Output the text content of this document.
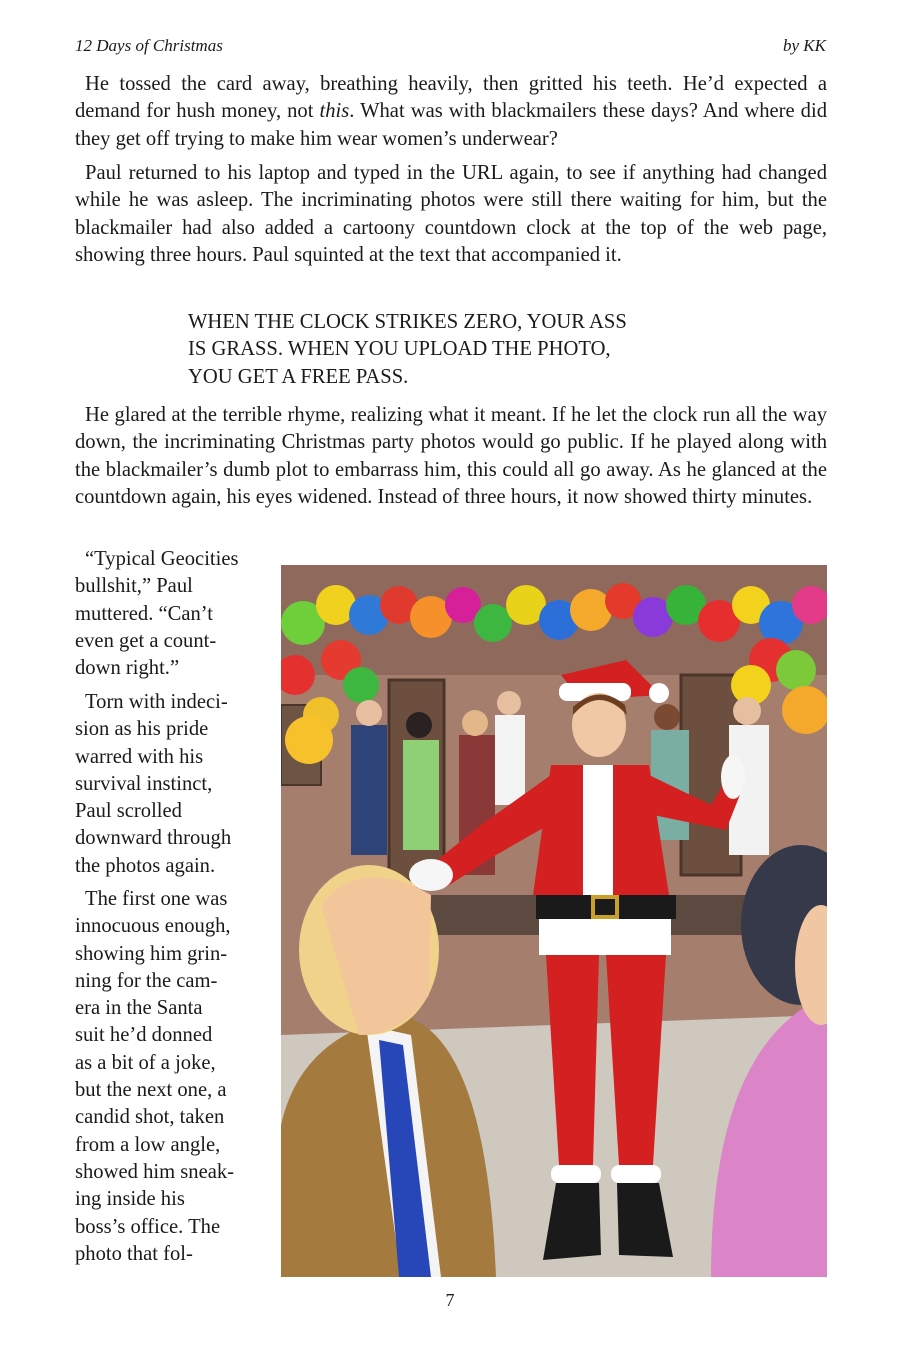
12 Days of Christmas	by KK

He tossed the card away, breathing heavily, then gritted his teeth. He’d expected a demand for hush money, not this. What was with blackmailers these days? And where did they get off trying to make him wear women’s underwear?

Paul returned to his laptop and typed in the URL again, to see if anything had changed while he was asleep. The incriminating photos were still there waiting for him, but the blackmailer had also added a cartoony countdown clock at the top of the web page, showing three hours. Paul squinted at the text that accompanied it.

WHEN THE CLOCK STRIKES ZERO, YOUR ASS
IS GRASS. WHEN YOU UPLOAD THE PHOTO,
YOU GET A FREE PASS.

He glared at the terrible rhyme, realizing what it meant. If he let the clock run all the way down, the incriminating Christmas party photos would go public. If he played along with the blackmailer’s dumb plot to embarrass him, this could all go away. As he glanced at the countdown again, his eyes widened. Instead of three hours, it now showed thirty minutes.

“Typical Geocities
bullshit,” Paul
muttered. “Can’t
even get a count-
down right.”
Torn with indeci-
sion as his pride
warred with his
survival instinct,
Paul scrolled
downward through
the photos again.
The first one was
innocuous enough,
showing him grin-
ning for the cam-
era in the Santa
suit he’d donned
as a bit of a joke,
but the next one, a
candid shot, taken
from a low angle,
showed him sneak-
ing inside his
boss’s office. The
photo that fol-
7
